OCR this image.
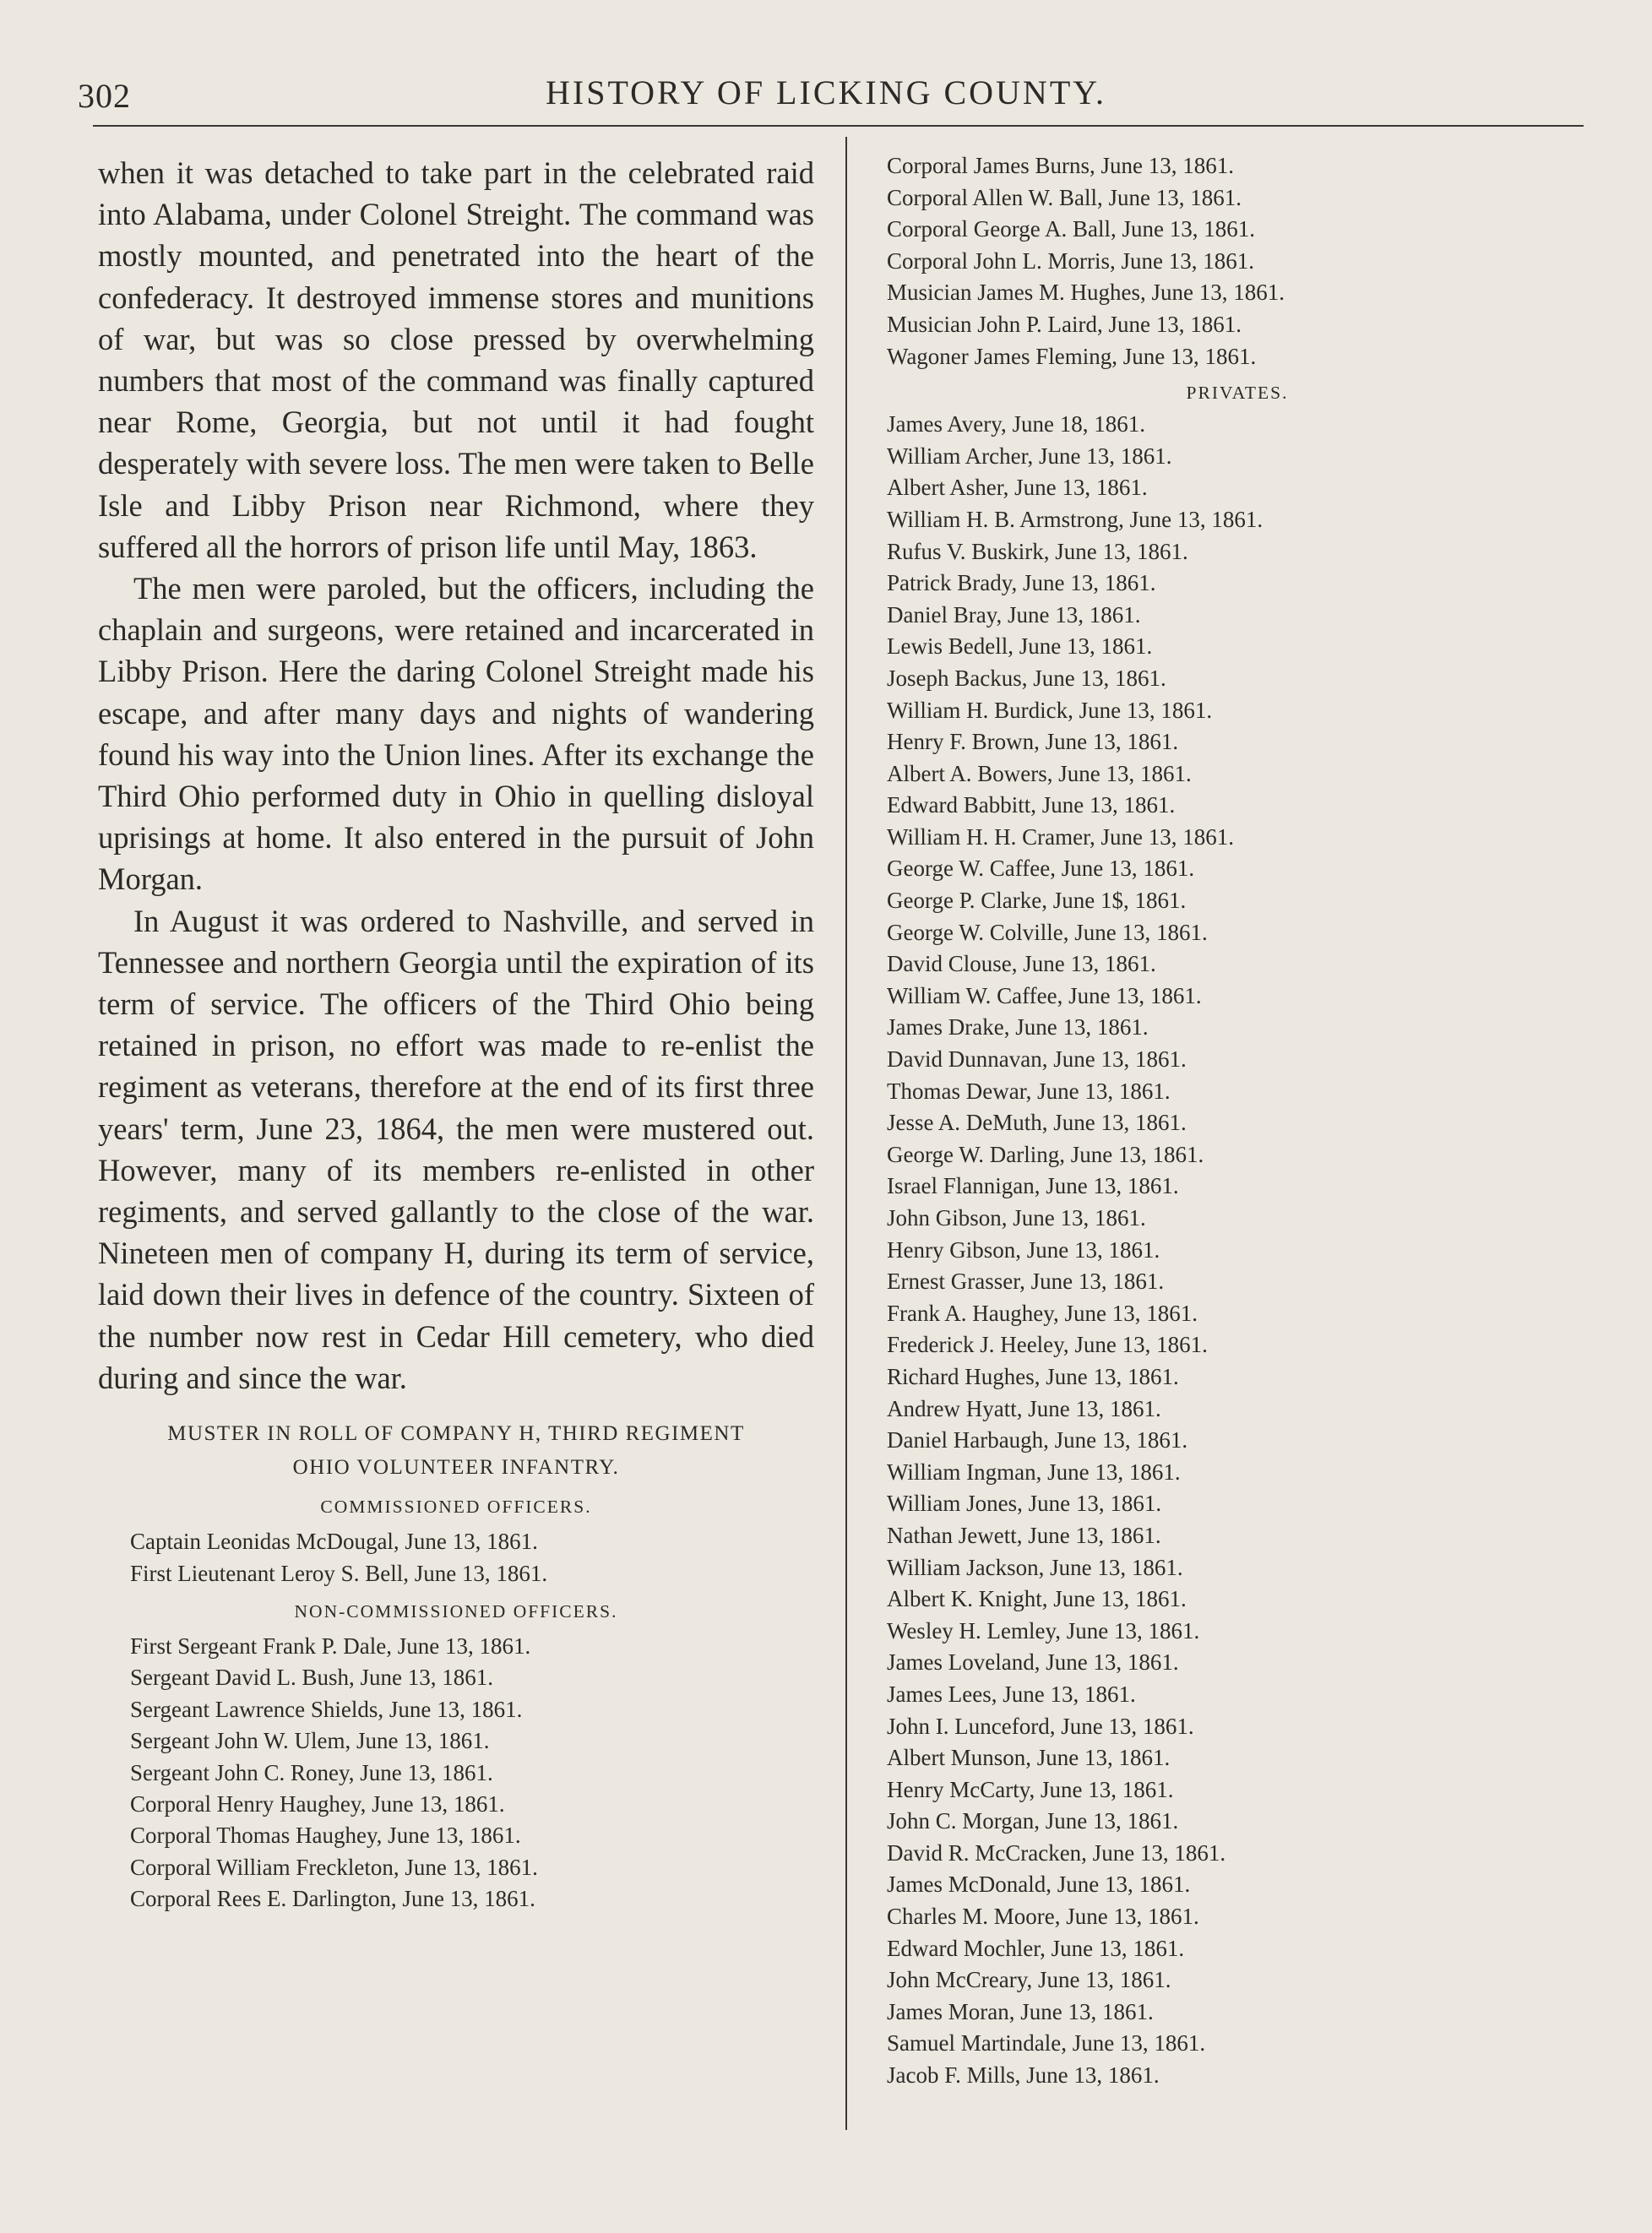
302	HISTORY OF LICKING COUNTY.

when it was detached to take part in the celebrated raid into Alabama, under Colonel Streight. The command was mostly mounted, and penetrated into the heart of the confederacy. It destroyed immense stores and munitions of war, but was so close pressed by overwhelming numbers that most of the command was finally captured near Rome, Georgia, but not until it had fought desperately with severe loss. The men were taken to Belle Isle and Libby Prison near Richmond, where they suffered all the horrors of prison life until May, 1863.

The men were paroled, but the officers, including the chaplain and surgeons, were retained and incarcerated in Libby Prison. Here the daring Colonel Streight made his escape, and after many days and nights of wandering found his way into the Union lines. After its exchange the Third Ohio performed duty in Ohio in quelling disloyal uprisings at home. It also entered in the pursuit of John Morgan.

In August it was ordered to Nashville, and served in Tennessee and northern Georgia until the expiration of its term of service. The officers of the Third Ohio being retained in prison, no effort was made to re-enlist the regiment as veterans, therefore at the end of its first three years' term, June 23, 1864, the men were mustered out. However, many of its members re-enlisted in other regiments, and served gallantly to the close of the war. Nineteen men of company H, during its term of service, laid down their lives in defence of the country. Sixteen of the number now rest in Cedar Hill cemetery, who died during and since the war.

MUSTER IN ROLL OF COMPANY H, THIRD REGIMENT
OHIO VOLUNTEER INFANTRY.
COMMISSIONED OFFICERS.
Captain Leonidas McDougal, June 13, 1861.
First Lieutenant Leroy S. Bell, June 13, 1861.
NON-COMMISSIONED OFFICERS.
First Sergeant Frank P. Dale, June 13, 1861.
Sergeant David L. Bush, June 13, 1861.
Sergeant Lawrence Shields, June 13, 1861.
Sergeant John W. Ulem, June 13, 1861.
Sergeant John C. Roney, June 13, 1861.
Corporal Henry Haughey, June 13, 1861.
Corporal Thomas Haughey, June 13, 1861.
Corporal William Freckleton, June 13, 1861.
Corporal Rees E. Darlington, June 13, 1861.
Corporal James Burns, June 13, 1861.
Corporal Allen W. Ball, June 13, 1861.
Corporal George A. Ball, June 13, 1861.
Corporal John L. Morris, June 13, 1861.
Musician James M. Hughes, June 13, 1861.
Musician John P. Laird, June 13, 1861.
Wagoner James Fleming, June 13, 1861.
PRIVATES.
James Avery, June 18, 1861.
William Archer, June 13, 1861.
Albert Asher, June 13, 1861.
William H. B. Armstrong, June 13, 1861.
Rufus V. Buskirk, June 13, 1861.
Patrick Brady, June 13, 1861.
Daniel Bray, June 13, 1861.
Lewis Bedell, June 13, 1861.
Joseph Backus, June 13, 1861.
William H. Burdick, June 13, 1861.
Henry F. Brown, June 13, 1861.
Albert A. Bowers, June 13, 1861.
Edward Babbitt, June 13, 1861.
William H. H. Cramer, June 13, 1861.
George W. Caffee, June 13, 1861.
George P. Clarke, June 1$, 1861.
George W. Colville, June 13, 1861.
David Clouse, June 13, 1861.
William W. Caffee, June 13, 1861.
James Drake, June 13, 1861.
David Dunnavan, June 13, 1861.
Thomas Dewar, June 13, 1861.
Jesse A. DeMuth, June 13, 1861.
George W. Darling, June 13, 1861.
Israel Flannigan, June 13, 1861.
John Gibson, June 13, 1861.
Henry Gibson, June 13, 1861.
Ernest Grasser, June 13, 1861.
Frank A. Haughey, June 13, 1861.
Frederick J. Heeley, June 13, 1861.
Richard Hughes, June 13, 1861.
Andrew Hyatt, June 13, 1861.
Daniel Harbaugh, June 13, 1861.
William Ingman, June 13, 1861.
William Jones, June 13, 1861.
Nathan Jewett, June 13, 1861.
William Jackson, June 13, 1861.
Albert K. Knight, June 13, 1861.
Wesley H. Lemley, June 13, 1861.
James Loveland, June 13, 1861.
James Lees, June 13, 1861.
John I. Lunceford, June 13, 1861.
Albert Munson, June 13, 1861.
Henry McCarty, June 13, 1861.
John C. Morgan, June 13, 1861.
David R. McCracken, June 13, 1861.
James McDonald, June 13, 1861.
Charles M. Moore, June 13, 1861.
Edward Mochler, June 13, 1861.
John McCreary, June 13, 1861.
James Moran, June 13, 1861.
Samuel Martindale, June 13, 1861.
Jacob F. Mills, June 13, 1861.
